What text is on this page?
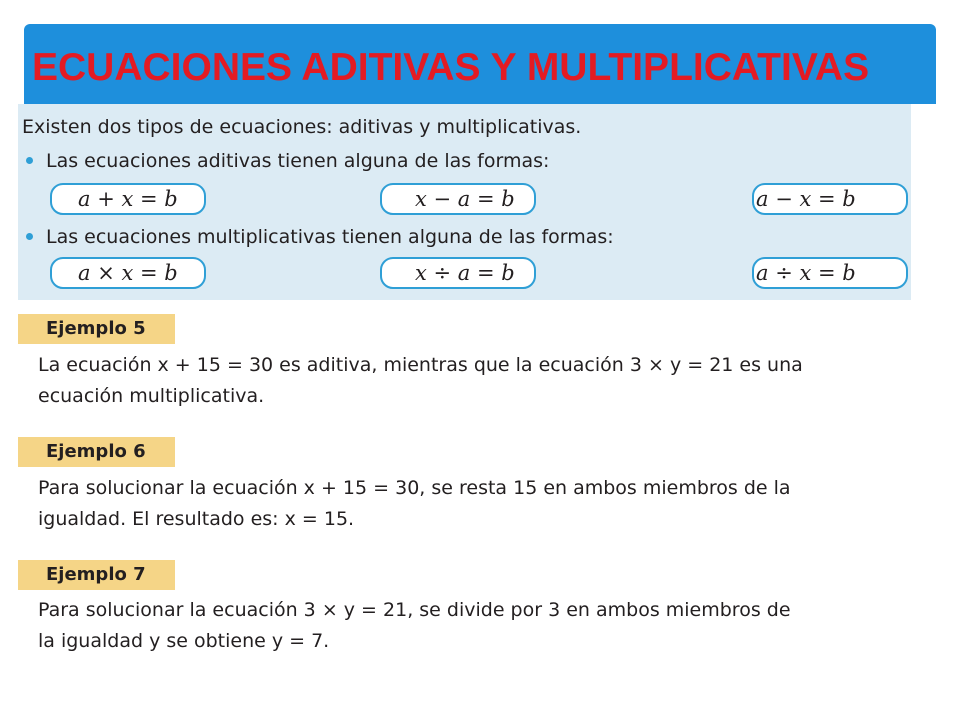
ECUACIONES ADITIVAS Y MULTIPLICATIVAS
Existen dos tipos de ecuaciones: aditivas y multiplicativas.
Las ecuaciones aditivas tienen alguna de las formas:
a + x = b	x − a = b	a − x = b
Las ecuaciones multiplicativas tienen alguna de las formas:
a × x = b	x ÷ a = b	a ÷ x = b
Ejemplo 5
La ecuación x + 15 = 30 es aditiva, mientras que la ecuación 3 × y = 21 es una
ecuación multiplicativa.
Ejemplo 6
Para solucionar la ecuación x + 15 = 30, se resta 15 en ambos miembros de la
igualdad. El resultado es: x = 15.
Ejemplo 7
Para solucionar la ecuación 3 × y = 21, se divide por 3 en ambos miembros de
la igualdad y se obtiene y = 7.
